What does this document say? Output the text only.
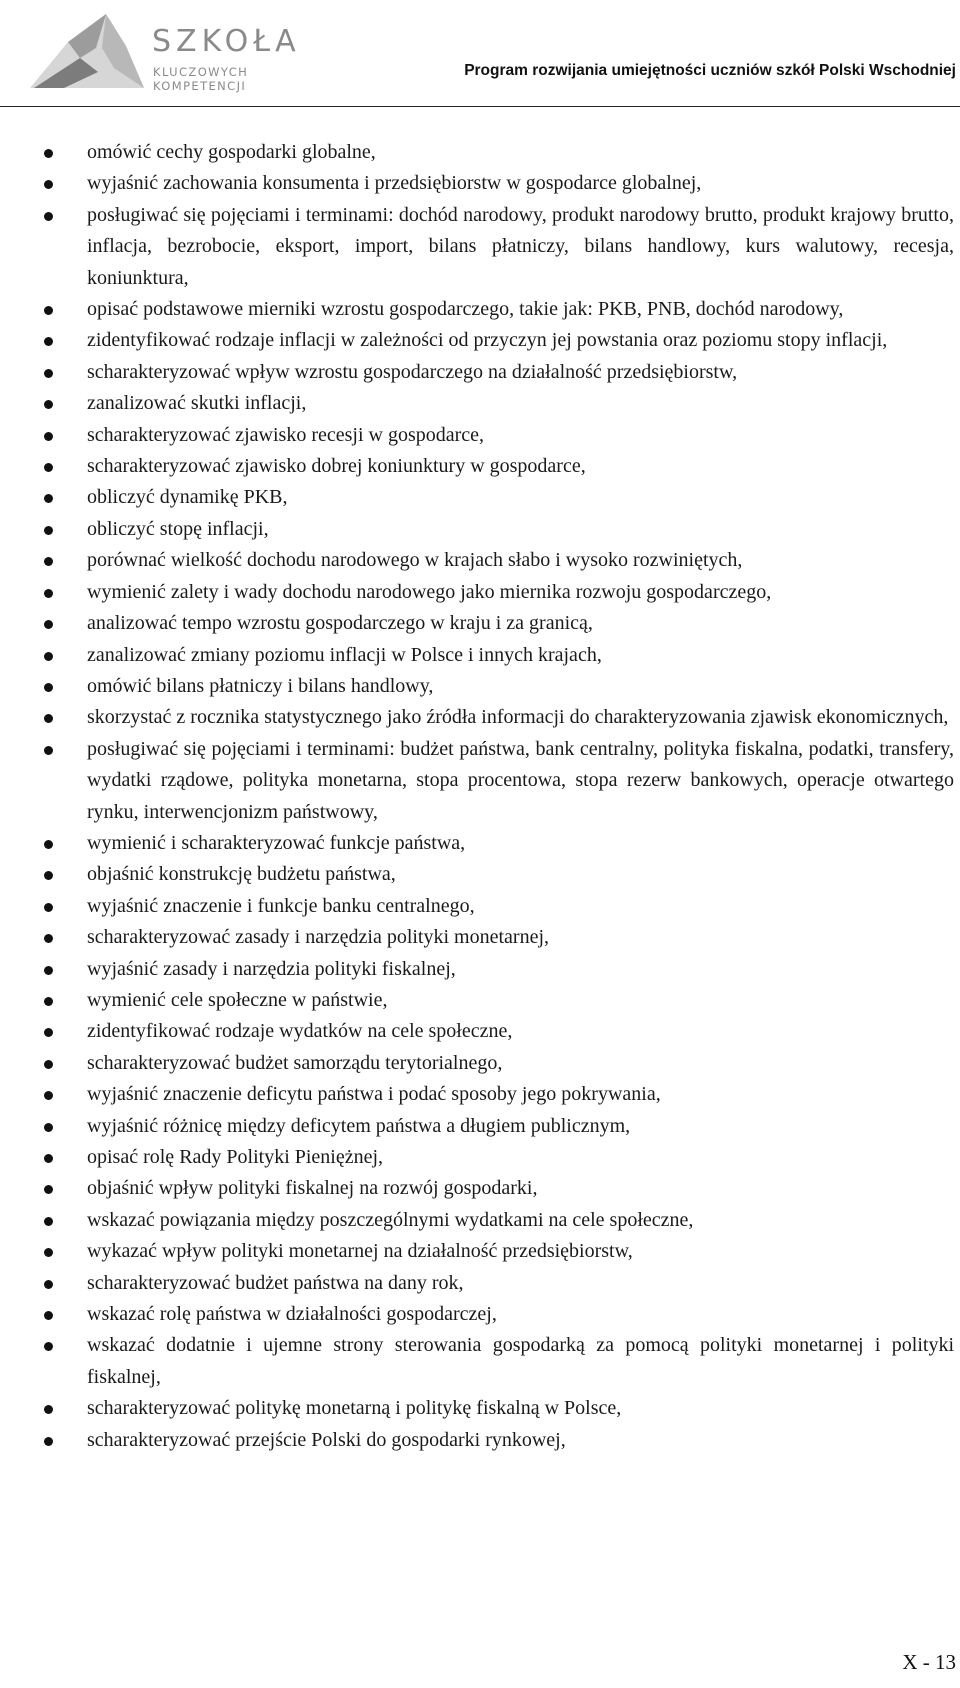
SZKOŁA
KLUCZOWYCH KOMPETENCJI
Program rozwijania umiejętności uczniów szkół Polski Wschodniej
omówić cechy gospodarki globalne,
wyjaśnić zachowania konsumenta i przedsiębiorstw w gospodarce globalnej,
posługiwać się pojęciami i terminami: dochód narodowy, produkt narodowy brutto, produkt krajowy brutto, inflacja, bezrobocie, eksport, import, bilans płatniczy, bilans handlowy, kurs walutowy, recesja, koniunktura,
opisać podstawowe mierniki wzrostu gospodarczego, takie jak: PKB, PNB, dochód narodowy,
zidentyfikować rodzaje inflacji w zależności od przyczyn jej powstania oraz poziomu stopy inflacji,
scharakteryzować wpływ wzrostu gospodarczego na działalność przedsiębiorstw,
zanalizować skutki inflacji,
scharakteryzować zjawisko recesji w gospodarce,
scharakteryzować zjawisko dobrej koniunktury w gospodarce,
obliczyć dynamikę PKB,
obliczyć stopę inflacji,
porównać wielkość dochodu narodowego w krajach słabo i wysoko rozwiniętych,
wymienić zalety i wady dochodu narodowego jako miernika rozwoju gospodarczego,
analizować tempo wzrostu gospodarczego w kraju i za granicą,
zanalizować zmiany poziomu inflacji w Polsce i innych krajach,
omówić bilans płatniczy i bilans handlowy,
skorzystać z rocznika statystycznego jako źródła informacji do charakteryzowania zjawisk ekonomicznych,
posługiwać się pojęciami i terminami: budżet państwa, bank centralny, polityka fiskalna, podatki, transfery, wydatki rządowe, polityka monetarna, stopa procentowa, stopa rezerw bankowych, operacje otwartego rynku, interwencjonizm państwowy,
wymienić i scharakteryzować funkcje państwa,
objaśnić konstrukcję budżetu państwa,
wyjaśnić znaczenie i funkcje banku centralnego,
scharakteryzować zasady i narzędzia polityki monetarnej,
wyjaśnić zasady i narzędzia polityki fiskalnej,
wymienić cele społeczne w państwie,
zidentyfikować rodzaje wydatków na cele społeczne,
scharakteryzować budżet samorządu terytorialnego,
wyjaśnić znaczenie deficytu państwa i podać sposoby jego pokrywania,
wyjaśnić różnicę między deficytem państwa a długiem publicznym,
opisać rolę Rady Polityki Pieniężnej,
objaśnić wpływ polityki fiskalnej na rozwój gospodarki,
wskazać powiązania między poszczególnymi wydatkami na cele społeczne,
wykazać wpływ polityki monetarnej na działalność przedsiębiorstw,
scharakteryzować budżet państwa na dany rok,
wskazać rolę państwa w działalności gospodarczej,
wskazać dodatnie i ujemne strony sterowania gospodarką za pomocą polityki monetarnej i polityki fiskalnej,
scharakteryzować politykę monetarną i politykę fiskalną w Polsce,
scharakteryzować przejście Polski do gospodarki rynkowej,
X - 13
